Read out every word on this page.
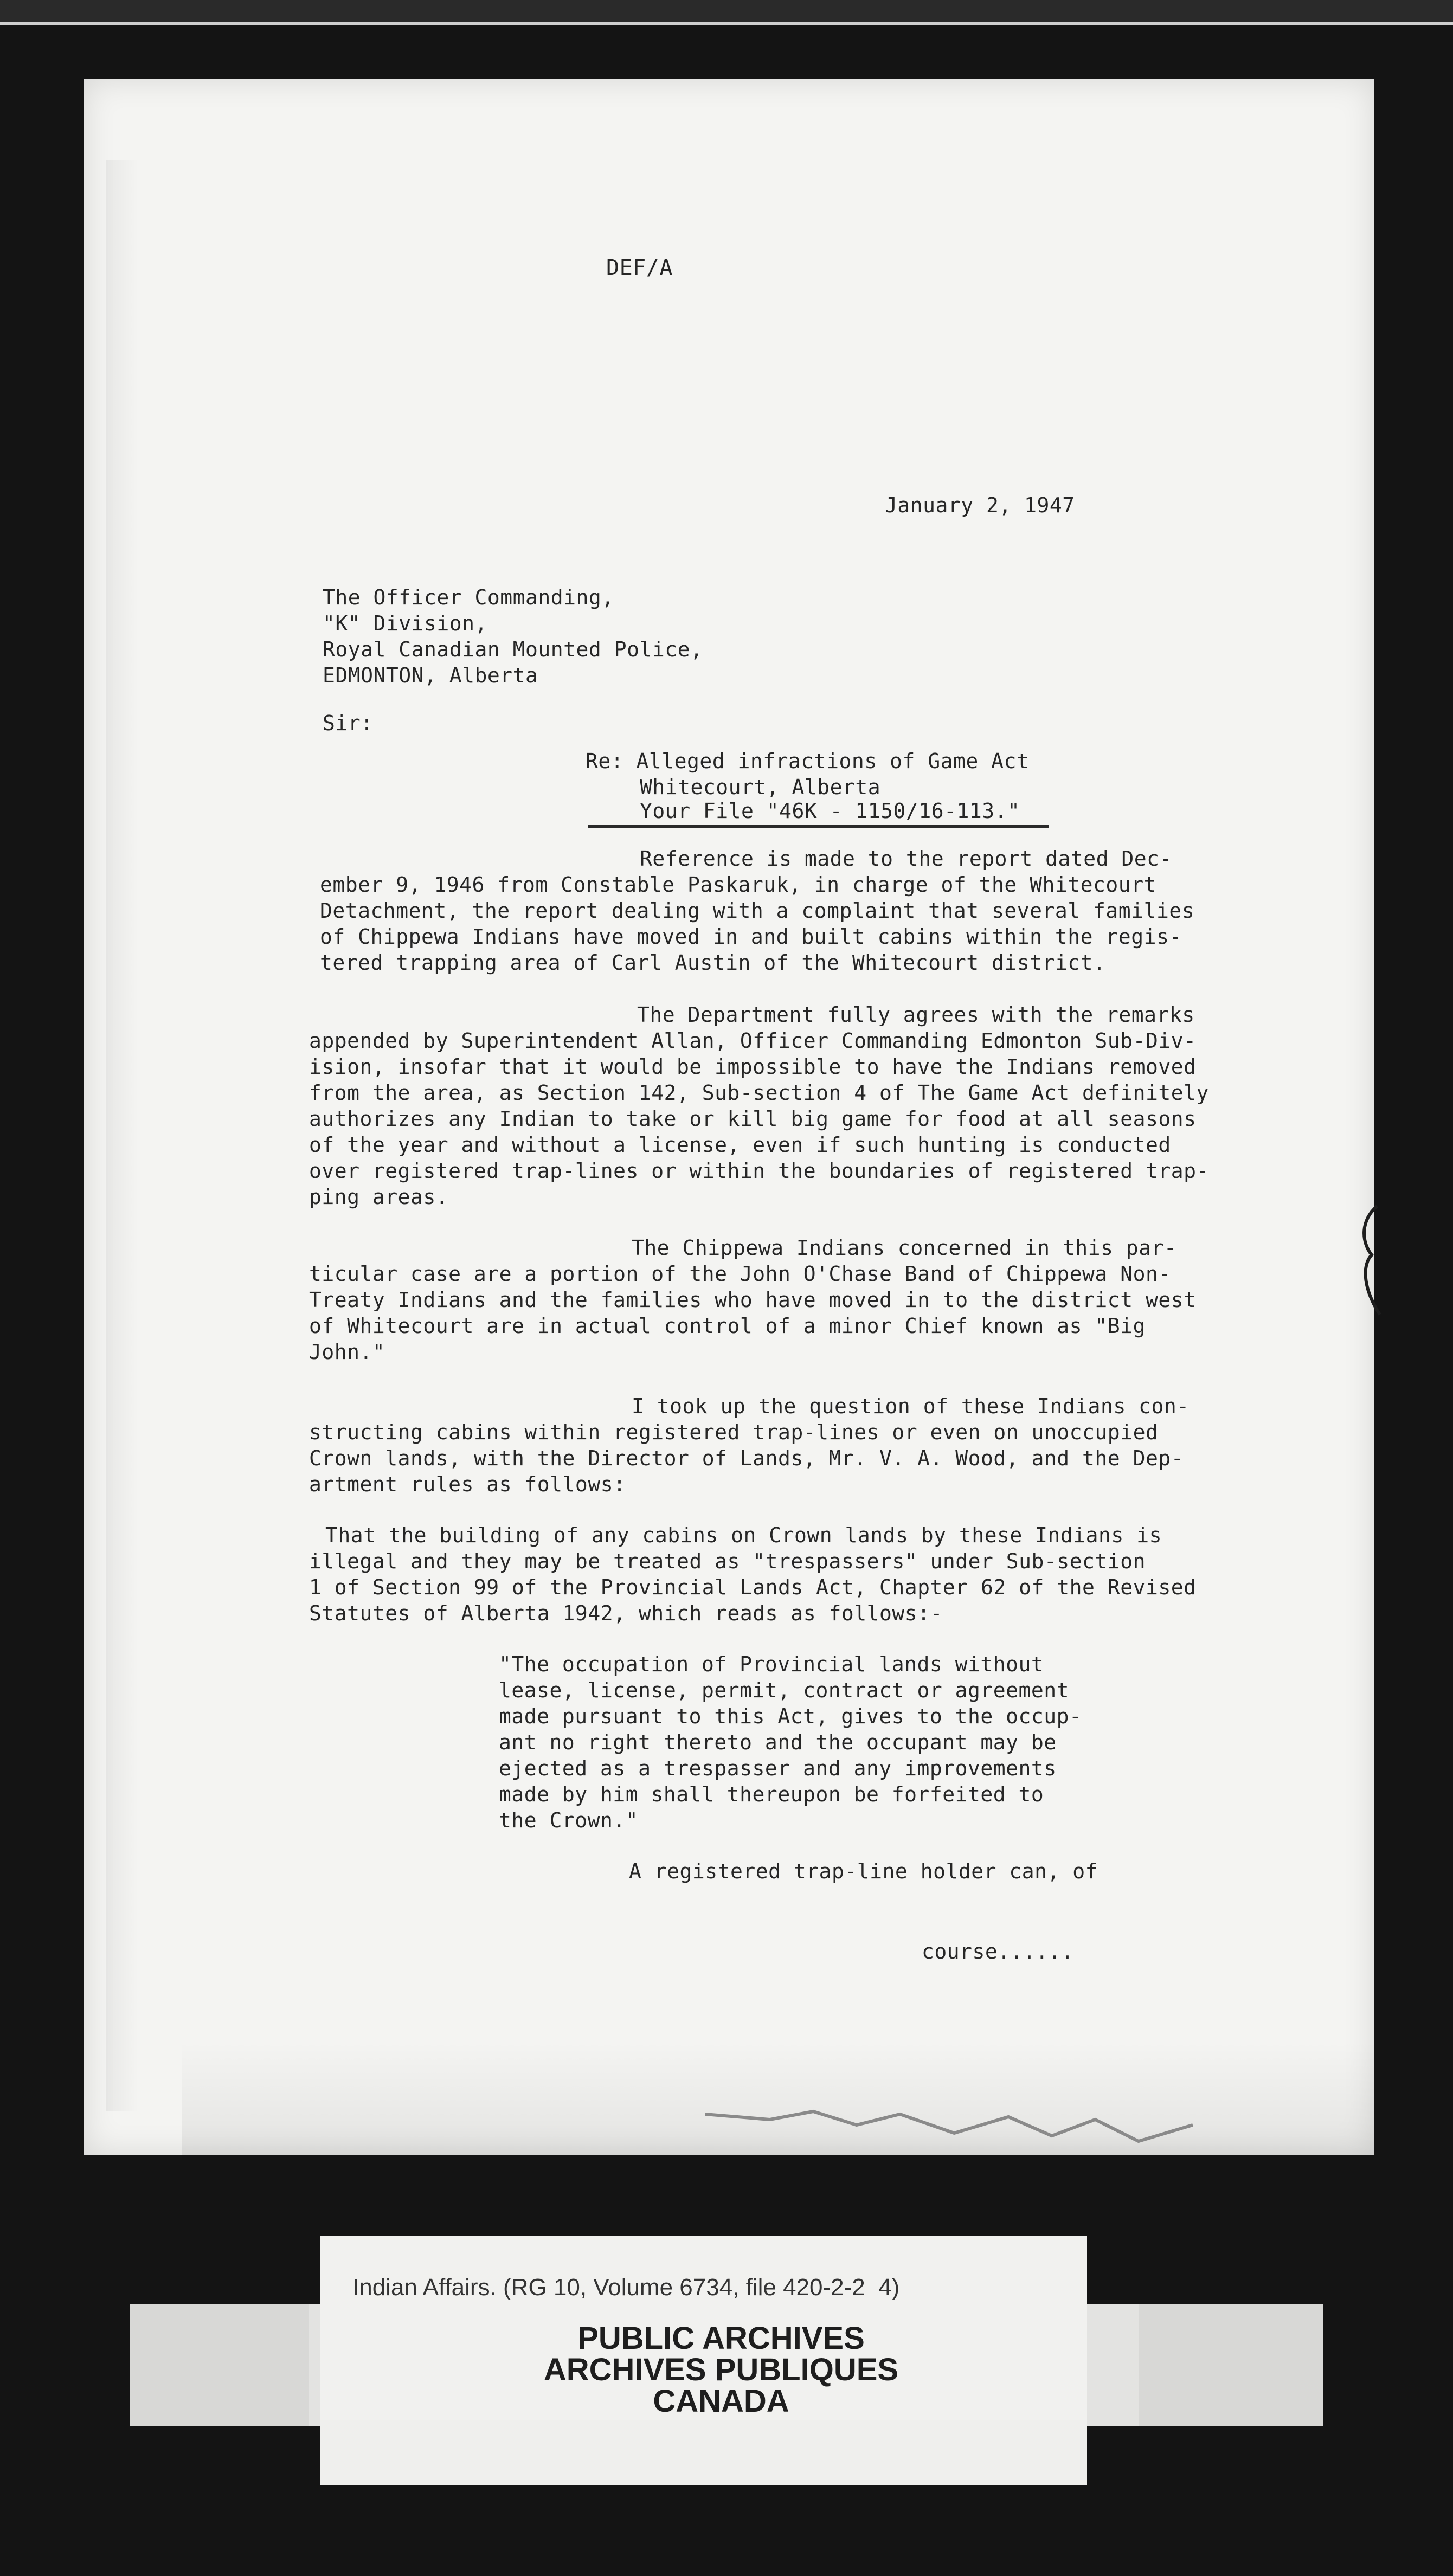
DEF/A
January 2, 1947
The Officer Commanding,
"K" Division,
Royal Canadian Mounted Police,
EDMONTON, Alberta
Sir:
Re: Alleged infractions of Game Act
Whitecourt, Alberta
Your File "46K - 1150/16-113."
Reference is made to the report dated Dec-
ember 9, 1946 from Constable Paskaruk, in charge of the Whitecourt
Detachment, the report dealing with a complaint that several families
of Chippewa Indians have moved in and built cabins within the regis-
tered trapping area of Carl Austin of the Whitecourt district.
The Department fully agrees with the remarks
appended by Superintendent Allan, Officer Commanding Edmonton Sub-Div-
ision, insofar that it would be impossible to have the Indians removed
from the area, as Section 142, Sub-section 4 of The Game Act definitely
authorizes any Indian to take or kill big game for food at all seasons
of the year and without a license, even if such hunting is conducted
over registered trap-lines or within the boundaries of registered trap-
ping areas.
The Chippewa Indians concerned in this par-
ticular case are a portion of the John O'Chase Band of Chippewa Non-
Treaty Indians and the families who have moved in to the district west
of Whitecourt are in actual control of a minor Chief known as "Big
John."
I took up the question of these Indians con-
structing cabins within registered trap-lines or even on unoccupied
Crown lands, with the Director of Lands, Mr. V. A. Wood, and the Dep-
artment rules as follows:
That the building of any cabins on Crown lands by these Indians is
illegal and they may be treated as "trespassers" under Sub-section
1 of Section 99 of the Provincial Lands Act, Chapter 62 of the Revised
Statutes of Alberta 1942, which reads as follows:-
"The occupation of Provincial lands without
lease, license, permit, contract or agreement
made pursuant to this Act, gives to the occup-
ant no right thereto and the occupant may be
ejected as a trespasser and any improvements
made by him shall thereupon be forfeited to
the Crown."
A registered trap-line holder can, of
course......
Indian Affairs. (RG 10, Volume 6734, file 420-2-2  4)
PUBLIC ARCHIVES
ARCHIVES PUBLIQUES
CANADA
